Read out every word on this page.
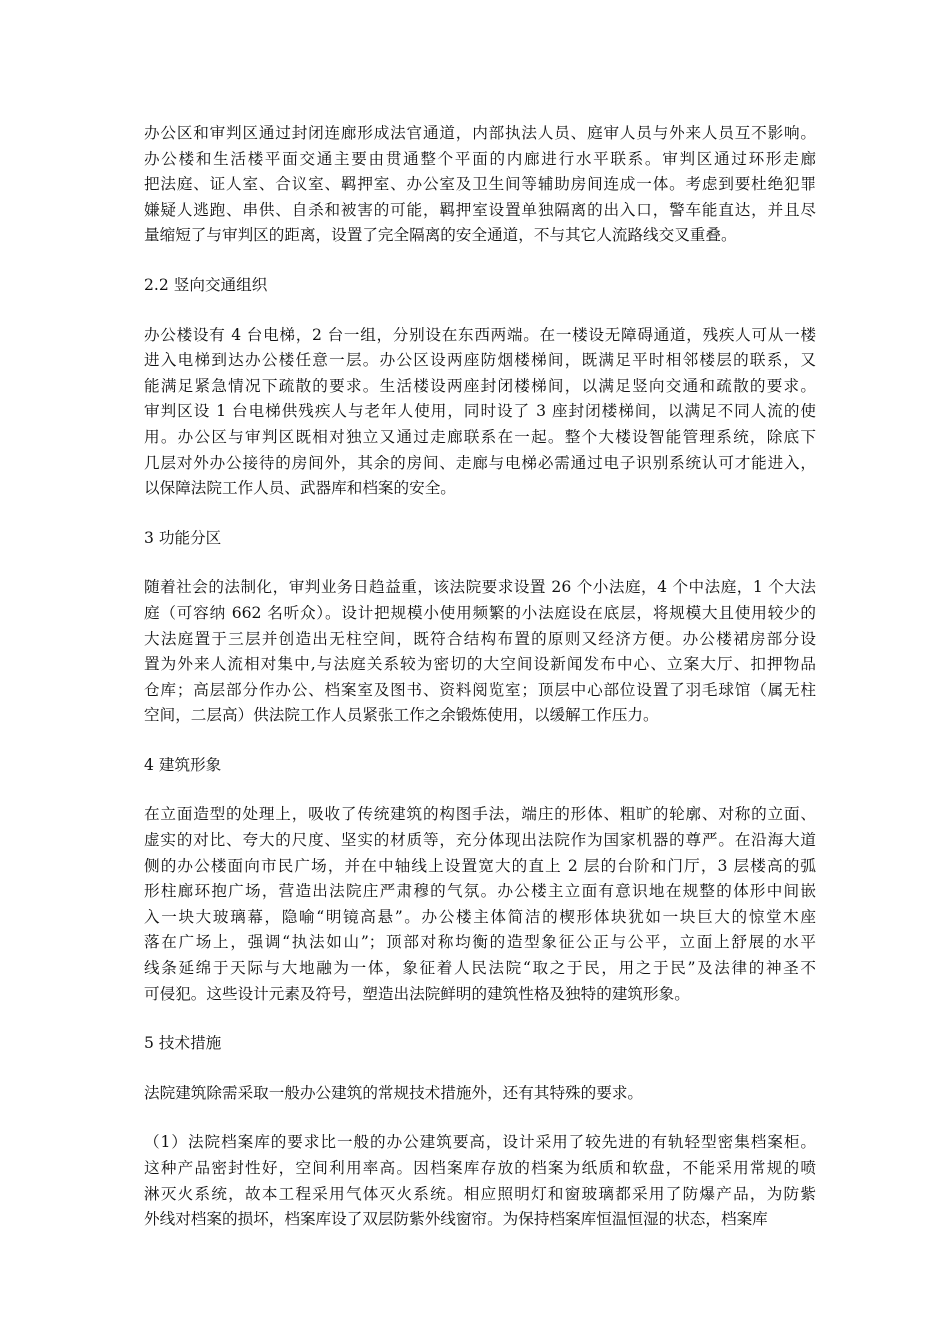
办公区和审判区通过封闭连廊形成法官通道，内部执法人员、庭审人员与外来人员互不影响。
办公楼和生活楼平面交通主要由贯通整个平面的内廊进行水平联系。审判区通过环形走廊
把法庭、证人室、合议室、羁押室、办公室及卫生间等辅助房间连成一体。考虑到要杜绝犯罪
嫌疑人逃跑、串供、自杀和被害的可能，羁押室设置单独隔离的出入口，警车能直达，并且尽
量缩短了与审判区的距离，设置了完全隔离的安全通道，不与其它人流路线交叉重叠。
2.2 竖向交通组织
办公楼设有 4 台电梯，2 台一组，分别设在东西两端。在一楼设无障碍通道，残疾人可从一楼
进入电梯到达办公楼任意一层。办公区设两座防烟楼梯间，既满足平时相邻楼层的联系，又
能满足紧急情况下疏散的要求。生活楼设两座封闭楼梯间，以满足竖向交通和疏散的要求。
审判区设 1 台电梯供残疾人与老年人使用，同时设了 3 座封闭楼梯间，以满足不同人流的使
用。办公区与审判区既相对独立又通过走廊联系在一起。整个大楼设智能管理系统，除底下
几层对外办公接待的房间外，其余的房间、走廊与电梯必需通过电子识别系统认可才能进入，
以保障法院工作人员、武器库和档案的安全。
3 功能分区
随着社会的法制化，审判业务日趋益重，该法院要求设置 26 个小法庭，4 个中法庭，1 个大法
庭（可容纳 662 名听众）。设计把规模小使用频繁的小法庭设在底层，将规模大且使用较少的
大法庭置于三层并创造出无柱空间，既符合结构布置的原则又经济方便。办公楼裙房部分设
置为外来人流相对集中,与法庭关系较为密切的大空间设新闻发布中心、立案大厅、扣押物品
仓库；高层部分作办公、档案室及图书、资料阅览室；顶层中心部位设置了羽毛球馆（属无柱
空间，二层高）供法院工作人员紧张工作之余锻炼使用，以缓解工作压力。
4 建筑形象
在立面造型的处理上，吸收了传统建筑的构图手法，端庄的形体、粗旷的轮廓、对称的立面、
虚实的对比、夸大的尺度、坚实的材质等，充分体现出法院作为国家机器的尊严。在沿海大道
侧的办公楼面向市民广场，并在中轴线上设置宽大的直上 2 层的台阶和门厅，3 层楼高的弧
形柱廊环抱广场，营造出法院庄严肃穆的气氛。办公楼主立面有意识地在规整的体形中间嵌
入一块大玻璃幕，隐喻“明镜高悬”。办公楼主体简洁的楔形体块犹如一块巨大的惊堂木座
落在广场上，强调“执法如山”；顶部对称均衡的造型象征公正与公平，立面上舒展的水平
线条延绵于天际与大地融为一体，象征着人民法院“取之于民，用之于民”及法律的神圣不
可侵犯。这些设计元素及符号，塑造出法院鲜明的建筑性格及独特的建筑形象。
5 技术措施
法院建筑除需采取一般办公建筑的常规技术措施外，还有其特殊的要求。
（1）法院档案库的要求比一般的办公建筑要高，设计采用了较先进的有轨轻型密集档案柜。
这种产品密封性好，空间利用率高。因档案库存放的档案为纸质和软盘，不能采用常规的喷
淋灭火系统，故本工程采用气体灭火系统。相应照明灯和窗玻璃都采用了防爆产品，为防紫
外线对档案的损坏，档案库设了双层防紫外线窗帘。为保持档案库恒温恒湿的状态，档案库
